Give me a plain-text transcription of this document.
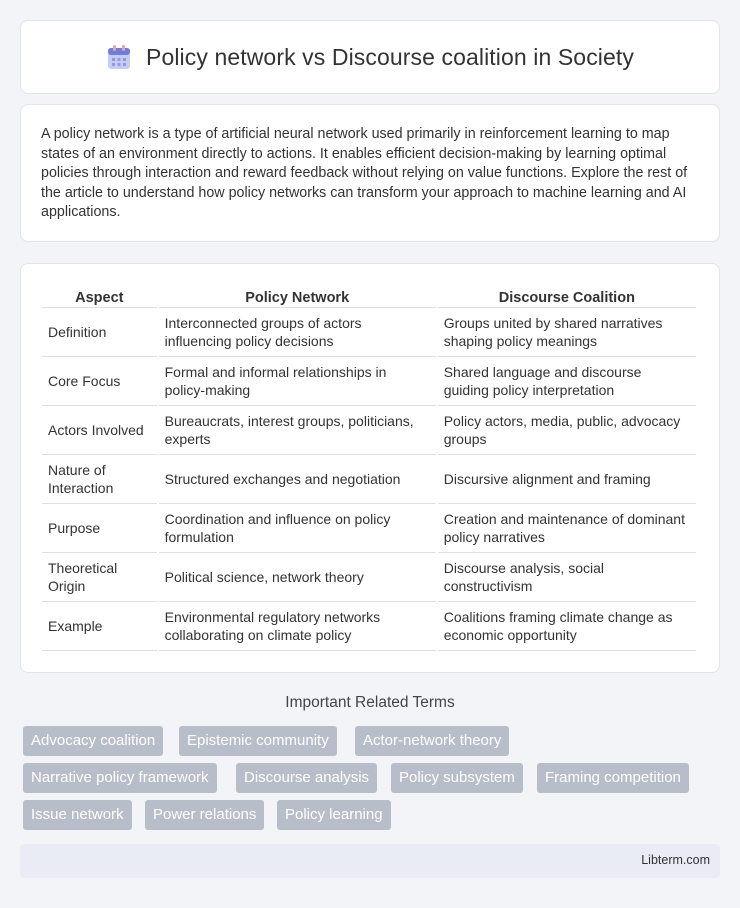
Policy network vs Discourse coalition in Society

A policy network is a type of artificial neural network used primarily in reinforcement learning to map states of an environment directly to actions. It enables efficient decision-making by learning optimal policies through interaction and reward feedback without relying on value functions. Explore the rest of the article to understand how policy networks can transform your approach to machine learning and AI applications.

Aspect	Policy Network	Discourse Coalition
Definition	Interconnected groups of actors influencing policy decisions	Groups united by shared narratives shaping policy meanings
Core Focus	Formal and informal relationships in policy-making	Shared language and discourse guiding policy interpretation
Actors Involved	Bureaucrats, interest groups, politicians, experts	Policy actors, media, public, advocacy groups
Nature of Interaction	Structured exchanges and negotiation	Discursive alignment and framing
Purpose	Coordination and influence on policy formulation	Creation and maintenance of dominant policy narratives
Theoretical Origin	Political science, network theory	Discourse analysis, social constructivism
Example	Environmental regulatory networks collaborating on climate policy	Coalitions framing climate change as economic opportunity
Important Related Terms
Advocacy coalition	Epistemic community	Actor-network theory
Narrative policy framework	Discourse analysis	Policy subsystem	Framing competition
Issue network	Power relations	Policy learning
Libterm.com
